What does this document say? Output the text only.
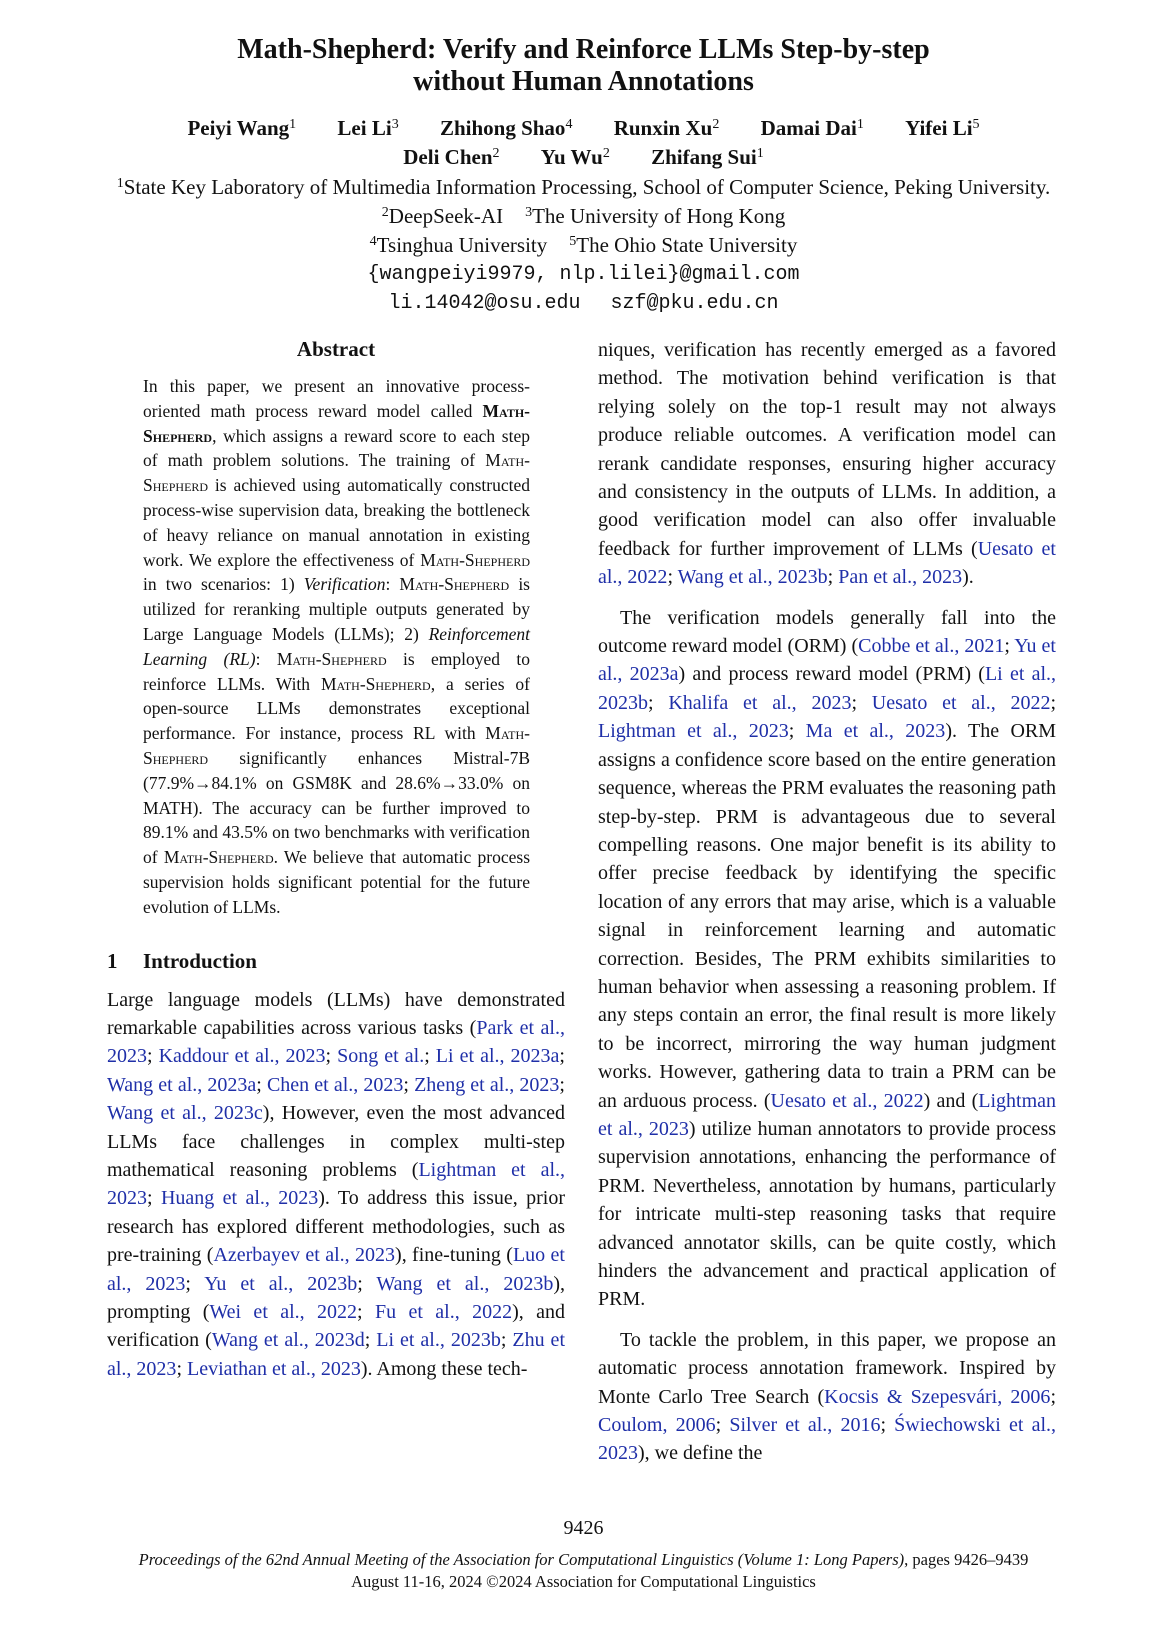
Math-Shepherd: Verify and Reinforce LLMs Step-by-step
without Human Annotations
Peiyi Wang$^1$ Lei Li$^3$ Zhihong Shao$^4$ Runxin Xu$^2$ Damai Dai$^1$ Yifei Li$^5$
Deli Chen$^2$ Yu Wu$^2$ Zhifang Sui$^1$
$^1$State Key Laboratory of Multimedia Information Processing, School of Computer Science, Peking University.
$^2$DeepSeek-AI $^3$The University of Hong Kong
$^4$Tsinghua University $^5$The Ohio State University
{wangpeiyi9979, nlp.lilei}@gmail.com
li.14042@osu.edu szf@pku.edu.cn
Abstract
In this paper, we present an innovative process-oriented math process reward model called Math-Shepherd, which assigns a reward score to each step of math problem solutions. The training of Math-Shepherd is achieved using automatically constructed process-wise supervision data, breaking the bottleneck of heavy reliance on manual annotation in existing work. We explore the effectiveness of Math-Shepherd in two scenarios: 1) Verification: Math-Shepherd is utilized for reranking multiple outputs generated by Large Language Models (LLMs); 2) Reinforcement Learning (RL): Math-Shepherd is employed to reinforce LLMs. With Math-Shepherd, a series of open-source LLMs demonstrates exceptional performance. For instance, process RL with Math-Shepherd significantly enhances Mistral-7B (77.9%→84.1% on GSM8K and 28.6%→33.0% on MATH). The accuracy can be further improved to 89.1% and 43.5% on two benchmarks with verification of Math-Shepherd. We believe that automatic process supervision holds significant potential for the future evolution of LLMs.
1 Introduction

Large language models (LLMs) have demonstrated remarkable capabilities across various tasks (Park et al., 2023; Kaddour et al., 2023; Song et al.; Li et al., 2023a; Wang et al., 2023a; Chen et al., 2023; Zheng et al., 2023; Wang et al., 2023c), However, even the most advanced LLMs face challenges in complex multi-step mathematical reasoning problems (Lightman et al., 2023; Huang et al., 2023). To address this issue, prior research has explored different methodologies, such as pre-training (Azerbayev et al., 2023), fine-tuning (Luo et al., 2023; Yu et al., 2023b; Wang et al., 2023b), prompting (Wei et al., 2022; Fu et al., 2022), and verification (Wang et al., 2023d; Li et al., 2023b; Zhu et al., 2023; Leviathan et al., 2023). Among these tech-

niques, verification has recently emerged as a favored method. The motivation behind verification is that relying solely on the top-1 result may not always produce reliable outcomes. A verification model can rerank candidate responses, ensuring higher accuracy and consistency in the outputs of LLMs. In addition, a good verification model can also offer invaluable feedback for further improvement of LLMs (Uesato et al., 2022; Wang et al., 2023b; Pan et al., 2023).

The verification models generally fall into the outcome reward model (ORM) (Cobbe et al., 2021; Yu et al., 2023a) and process reward model (PRM) (Li et al., 2023b; Khalifa et al., 2023; Uesato et al., 2022; Lightman et al., 2023; Ma et al., 2023). The ORM assigns a confidence score based on the entire generation sequence, whereas the PRM evaluates the reasoning path step-by-step. PRM is advantageous due to several compelling reasons. One major benefit is its ability to offer precise feedback by identifying the specific location of any errors that may arise, which is a valuable signal in reinforcement learning and automatic correction. Besides, The PRM exhibits similarities to human behavior when assessing a reasoning problem. If any steps contain an error, the final result is more likely to be incorrect, mirroring the way human judgment works. However, gathering data to train a PRM can be an arduous process. (Uesato et al., 2022) and (Lightman et al., 2023) utilize human annotators to provide process supervision annotations, enhancing the performance of PRM. Nevertheless, annotation by humans, particularly for intricate multi-step reasoning tasks that require advanced annotator skills, can be quite costly, which hinders the advancement and practical application of PRM.

To tackle the problem, in this paper, we propose an automatic process annotation framework. Inspired by Monte Carlo Tree Search (Kocsis & Szepesvári, 2006; Coulom, 2006; Silver et al., 2016; Świechowski et al., 2023), we define the

9426
Proceedings of the 62nd Annual Meeting of the Association for Computational Linguistics (Volume 1: Long Papers), pages 9426–9439
August 11-16, 2024 ©2024 Association for Computational Linguistics
